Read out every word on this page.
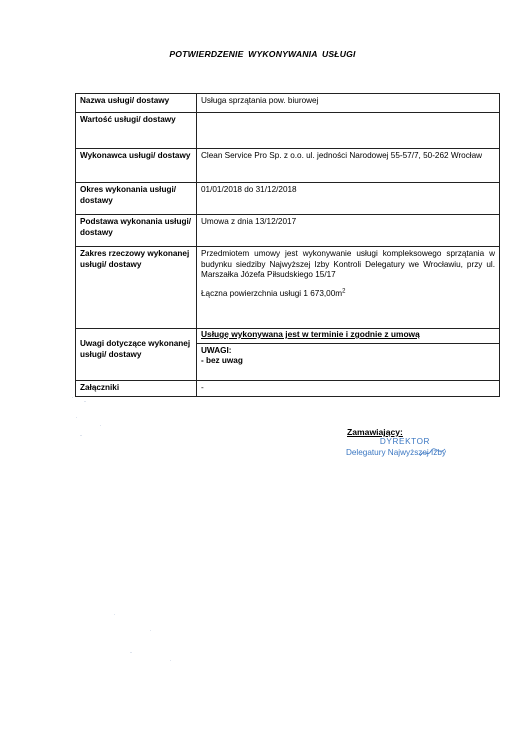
POTWIERDZENIE WYKONYWANIA USŁUGI
Nazwa usługi/ dostawy	Usługa sprzątania pow. biurowej
Wartość usługi/ dostawy	
Wykonawca usługi/ dostawy	Clean Service Pro Sp. z o.o. ul. jedności Narodowej 55-57/7, 50-262 Wrocław
Okres wykonania usługi/ dostawy	01/01/2018 do 31/12/2018
Podstawa wykonania usługi/ dostawy	Umowa z dnia 13/12/2017
Zakres rzeczowy wykonanej usługi/ dostawy	Przedmiotem umowy jest wykonywanie usługi kompleksowego sprzątania w budynku siedziby Najwyższej Izby Kontroli Delegatury we Wrocławiu, przy ul. Marszałka Józefa Piłsudskiego 15/17
Łączna powierzchnia usługi 1 $673,00m^2$

Uwagi dotyczące wykonanej usługi/ dostawy	Usługę wykonywana jest w terminie i zgodnie z umową
UWAGI:
- bez uwag

Załączniki	-
Zamawiający:
DYREKTOR
Delegatury Najwyższej Izby
